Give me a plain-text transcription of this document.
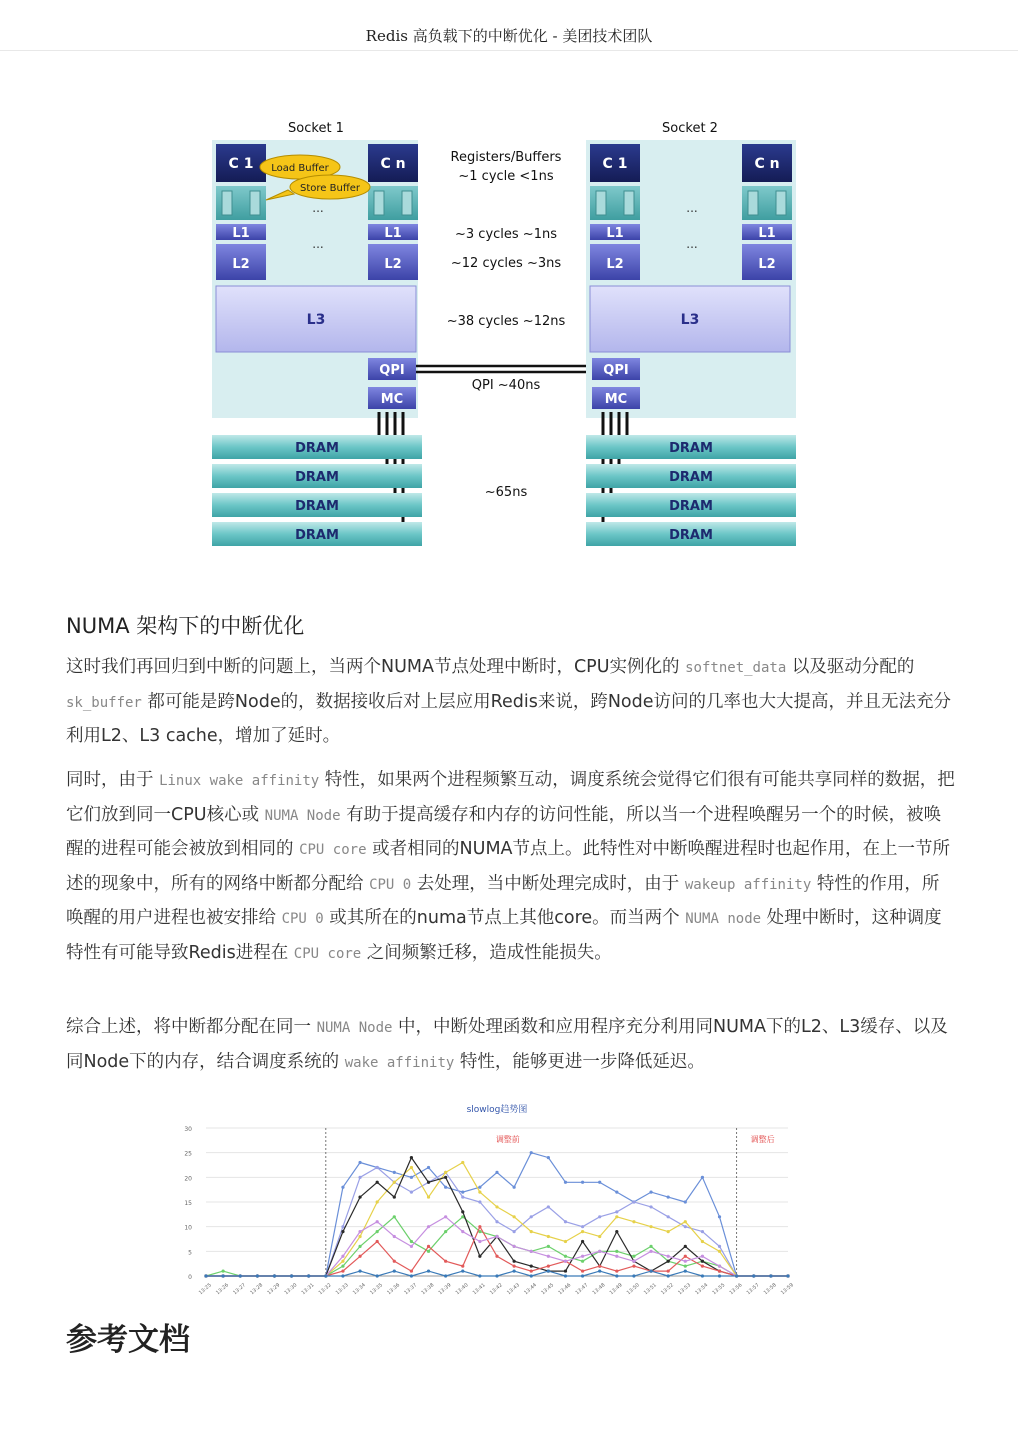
Redis 高负载下的中断优化 - 美团技术团队
Socket 1
C 1	C n
...
L1	L1
...
L2	L2
L3
QPI
MC
Load Buffer
Store Buffer
DRAM
DRAM
DRAM
DRAM
Registers/Buffers
~1 cycle <1ns
~3 cycles ~1ns
~12 cycles ~3ns
~38 cycles ~12ns
QPI ~40ns
~65ns
Socket 2
C 1	C n
...
L1	L1
...
L2	L2
L3
QPI
MC
DRAM
DRAM
DRAM
DRAM
NUMA 架构下的中断优化

这时我们再回归到中断的问题上，当两个NUMA节点处理中断时，CPU实例化的 softnet_data 以及驱动分配的 sk_buffer 都可能是跨Node的，数据接收后对上层应用Redis来说，跨Node访问的几率也大大提高，并且无法充分利用L2、L3 cache，增加了延时。

同时，由于 Linux wake affinity 特性，如果两个进程频繁互动，调度系统会觉得它们很有可能共享同样的数据，把它们放到同一CPU核心或 NUMA Node 有助于提高缓存和内存的访问性能，所以当一个进程唤醒另一个的时候，被唤醒的进程可能会被放到相同的 CPU core 或者相同的NUMA节点上。此特性对中断唤醒进程时也起作用，在上一节所述的现象中，所有的网络中断都分配给 CPU 0 去处理，当中断处理完成时，由于 wakeup affinity 特性的作用，所唤醒的用户进程也被安排给 CPU 0 或其所在的numa节点上其他core。而当两个 NUMA node 处理中断时，这种调度特性有可能导致Redis进程在 CPU core 之间频繁迁移，造成性能损失。

综合上述，将中断都分配在同一 NUMA Node 中，中断处理函数和应用程序充分利用同NUMA下的L2、L3缓存、以及同Node下的内存，结合调度系统的 wake affinity 特性，能够更进一步降低延迟。

slowlog趋势图
0
5
10
15
20
25
30
13:25 13:26 13:27 13:28 13:29 13:30 13:31 13:32 13:33 13:34 13:35 13:36 13:37 13:38 13:39 13:40 13:41 13:42 13:43 13:44 13:45 13:46 13:47 13:48 13:49 13:50 13:51 13:52 13:53 13:54 13:55 13:56 13:57 13:58 13:59
调整前	调整后
参考文档
